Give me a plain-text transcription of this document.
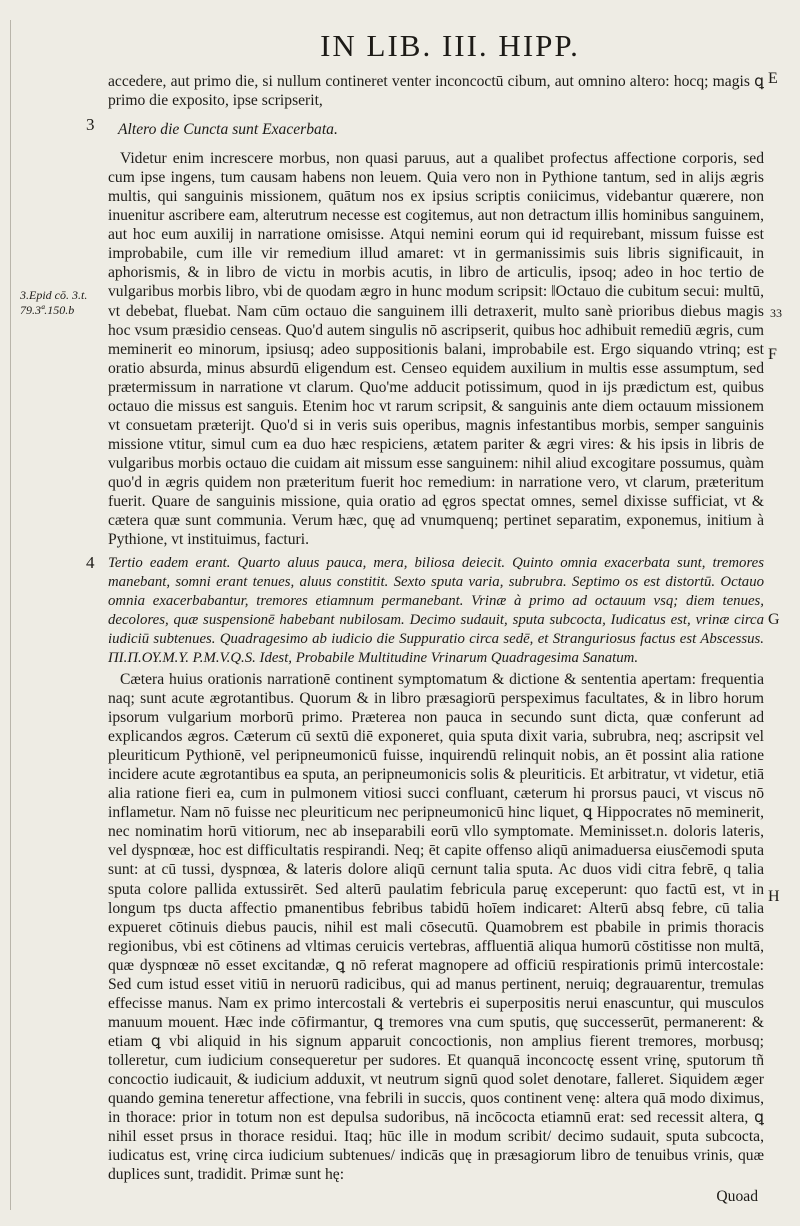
IN LIB. III. HIPP.
3
4
3.Epid cō. 3.t.
79.3ª.150.b
E
F
G
H
33

accedere, aut primo die, si nullum contineret venter inconcoctū cibum, aut omnino altero: hocq; magis ꝗ primo die exposito, ipse scripserit,

Altero die Cuncta sunt Exacerbata.

Videtur enim increscere morbus, non quasi paruus, aut a qualibet profectus affectione corporis, sed cum ipse ingens, tum causam habens non leuem. Quia vero non in Pythione tantum, sed in alijs ægris multis, qui sanguinis missionem, quātum nos ex ipsius scriptis coniicimus, videbantur quærere, non inuenitur ascribere eam, alterutrum necesse est cogitemus, aut non detractum illis hominibus sanguinem, aut hoc eum auxilij in narratione omisisse. Atqui nemini eorum qui id requirebant, missum fuisse est improbabile, cum ille vir remedium illud amaret: vt in germanissimis suis libris significauit, in aphorismis, & in libro de victu in morbis acutis, in libro de articulis, ipsoq; adeo in hoc tertio de vulgaribus morbis libro, vbi de quodam ægro in hunc modum scripsit: ‖Octauo die cubitum secui: multū, vt debebat, fluebat. Nam cūm octauo die sanguinem illi detraxerit, multo sanè prioribus diebus magis hoc vsum præsidio censeas. Quo'd autem singulis nō ascripserit, quibus hoc adhibuit remediū ægris, cum meminerit eo minorum, ipsiusq; adeo suppositionis balani, improbabile est. Ergo siquando vtrinq; est oratio absurda, minus absurdū eligendum est. Censeo equidem auxilium in multis esse assumptum, sed prætermissum in narratione vt clarum. Quo'me adducit potissimum, quod in ijs prædictum est, quibus octauo die missus est sanguis. Etenim hoc vt rarum scripsit, & sanguinis ante diem octauum missionem vt consuetam præterijt. Quo'd si in veris suis operibus, magnis infestantibus morbis, semper sanguinis missione vtitur, simul cum ea duo hæc respiciens, ætatem pariter & ægri vires: & his ipsis in libris de vulgaribus morbis octauo die cuidam ait missum esse sanguinem: nihil aliud excogitare possumus, quàm quo'd in ægris quidem non præteritum fuerit hoc remedium: in narratione vero, vt clarum, præteritum fuerit. Quare de sanguinis missione, quia oratio ad ęgros spectat omnes, semel dixisse sufficiat, vt & cætera quæ sunt communia. Verum hæc, quę ad vnumquenq; pertinet separatim, exponemus, initium à Pythione, vt instituimus, facturi.

Tertio eadem erant. Quarto aluus pauca, mera, biliosa deiecit. Quinto omnia exacerbata sunt, tremores manebant, somni erant tenues, aluus constitit. Sexto sputa varia, subrubra. Septimo os est distortū. Octauo omnia exacerbabantur, tremores etiamnum permanebant. Vrinæ à primo ad octauum vsq; diem tenues, decolores, quæ suspensionē habebant nubilosam. Decimo sudauit, sputa subcocta, Iudicatus est, vrinæ circa iudiciū subtenues. Quadragesimo ab iudicio die Suppuratio circa sedē, et Stranguriosus factus est Abscessus. ΠΙ.Π.ΟΥ.Μ.Υ. P.M.V.Q.S. Idest, Probabile Multitudine Vrinarum Quadragesima Sanatum.

Cætera huius orationis narrationē continent symptomatum & dictione & sententia apertam: frequentia naq; sunt acute ægrotantibus. Quorum & in libro præsagiorū perspeximus facultates, & in libro horum ipsorum vulgarium morborū primo. Præterea non pauca in secundo sunt dicta, quæ conferunt ad explicandos ægros. Cæterum cū sextū diē exponeret, quia sputa dixit varia, subrubra, neq; ascripsit vel pleuriticum Pythionē, vel peripneumonicū fuisse, inquirendū relinquit nobis, an ēt possint alia ratione incidere acute ægrotantibus ea sputa, an peripneumonicis solis & pleuriticis. Et arbitratur, vt videtur, etiā alia ratione fieri ea, cum in pulmonem vitiosi succi confluant, cæterum hi prorsus pauci, vt viscus nō inflametur. Nam nō fuisse nec pleuriticum nec peripneumonicū hinc liquet, ꝗ Hippocrates nō meminerit, nec nominatim horū vitiorum, nec ab inseparabili eorū vllo symptomate. Meminisset.n. doloris lateris, vel dyspnœæ, hoc est difficultatis respirandi. Neq; ēt capite offenso aliqū animaduersa eiusc̄emodi sputa sunt: at cū tussi, dyspnœa, & lateris dolore aliqū cernunt talia sputa. Ac duos vidi citra febrē, q talia sputa colore pallida extussirēt. Sed alterū paulatim febricula paruę exceperunt: quo factū est, vt in longum tps ducta affectio pmanentibus febribus tabidū hoīem indicaret: Alterū absq febre, cū talia expueret cōtinuis diebus paucis, nihil est mali cōsecutū. Quamobrem est pbabile in primis thoracis regionibus, vbi est cōtinens ad vltimas ceruicis vertebras, affluentiā aliqua humorū cōstitisse non multā, quæ dyspnœæ nō esset excitandæ, ꝗ nō referat magnopere ad officiū respirationis primū intercostale: Sed cum istud esset vitiū in neruorū radicibus, qui ad manus pertinent, neruiq; degrauarentur, tremulas effecisse manus. Nam ex primo intercostali & vertebris ei superpositis nerui enascuntur, qui musculos manuum mouent. Hæc inde cōfirmantur, ꝗ tremores vna cum sputis, quę successerūt, permanerent: & etiam ꝗ vbi aliquid in his signum apparuit concoctionis, non amplius fierent tremores, morbusq; tolleretur, cum iudicium consequeretur per sudores. Et quanquā inconcoctę essent vrinę, sputorum tñ concoctio iudicauit, & iudicium adduxit, vt neutrum signū quod solet denotare, falleret. Siquidem æger quando gemina teneretur affectione, vna febrili in succis, quos continent venę: altera quā modo diximus, in thorace: prior in totum non est depulsa sudoribus, nā incōcocta etiamnū erat: sed recessit altera, ꝗ nihil esset prsus in thorace residui. Itaq; hūc ille in modum scribit/ decimo sudauit, sputa subcocta, iudicatus est, vrinę circa iudicium subtenues/ indicās quę in præsagiorum libro de tenuibus vrinis, quæ duplices sunt, tradidit. Primæ sunt hę:

Quoad
